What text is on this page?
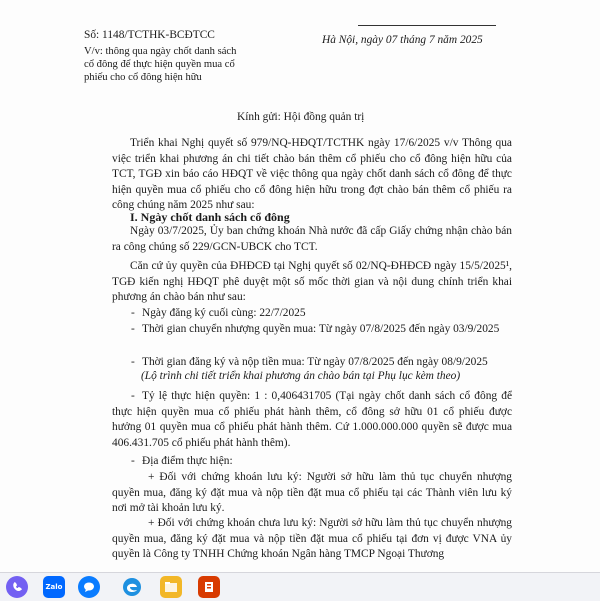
Số: 1148/TCTHK-BCĐTCC
V/v: thông qua ngày chốt danh sách
cổ đông để thực hiện quyền mua cổ
phiếu cho cổ đông hiện hữu
Hà Nội, ngày 07 tháng 7 năm 2025
Kính gửi: Hội đồng quản trị
Triển khai Nghị quyết số 979/NQ-HĐQT/TCTHK ngày 17/6/2025 v/v Thông qua việc triển khai phương án chi tiết chào bán thêm cổ phiếu cho cổ đông hiện hữu của TCT, TGĐ xin báo cáo HĐQT về việc thông qua ngày chốt danh sách cổ đông để thực hiện quyền mua cổ phiếu cho cổ đông hiện hữu trong đợt chào bán thêm cổ phiếu ra công chúng năm 2025 như sau:
I. Ngày chốt danh sách cổ đông
Ngày 03/7/2025, Ủy ban chứng khoán Nhà nước đã cấp Giấy chứng nhận chào bán ra công chúng số 229/GCN-UBCK cho TCT.
Căn cứ ủy quyền của ĐHĐCĐ tại Nghị quyết số 02/NQ-ĐHĐCĐ ngày 15/5/2025¹, TGĐ kiến nghị HĐQT phê duyệt một số mốc thời gian và nội dung chính triển khai phương án chào bán như sau:
- Ngày đăng ký cuối cùng: 22/7/2025
- Thời gian chuyển nhượng quyền mua: Từ ngày 07/8/2025 đến ngày 03/9/2025
- Thời gian đăng ký và nộp tiền mua: Từ ngày 07/8/2025 đến ngày 08/9/2025
(Lộ trình chi tiết triển khai phương án chào bán tại Phụ lục kèm theo)
- Tỷ lệ thực hiện quyền: 1 : 0,406431705 (Tại ngày chốt danh sách cổ đông để thực hiện quyền mua cổ phiếu phát hành thêm, cổ đông sở hữu 01 cổ phiếu được hưởng 01 quyền mua cổ phiếu phát hành thêm. Cứ 1.000.000.000 quyền sẽ được mua 406.431.705 cổ phiếu phát hành thêm).
- Địa điểm thực hiện:
+ Đối với chứng khoán lưu ký: Người sở hữu làm thủ tục chuyển nhượng quyền mua, đăng ký đặt mua và nộp tiền đặt mua cổ phiếu tại các Thành viên lưu ký nơi mở tài khoản lưu ký.
+ Đối với chứng khoán chưa lưu ký: Người sở hữu làm thủ tục chuyển nhượng quyền mua, đăng ký đặt mua và nộp tiền đặt mua cổ phiếu tại đơn vị được VNA ủy quyền là Công ty TNHH Chứng khoán Ngân hàng TMCP Ngoại Thương
Zalo
